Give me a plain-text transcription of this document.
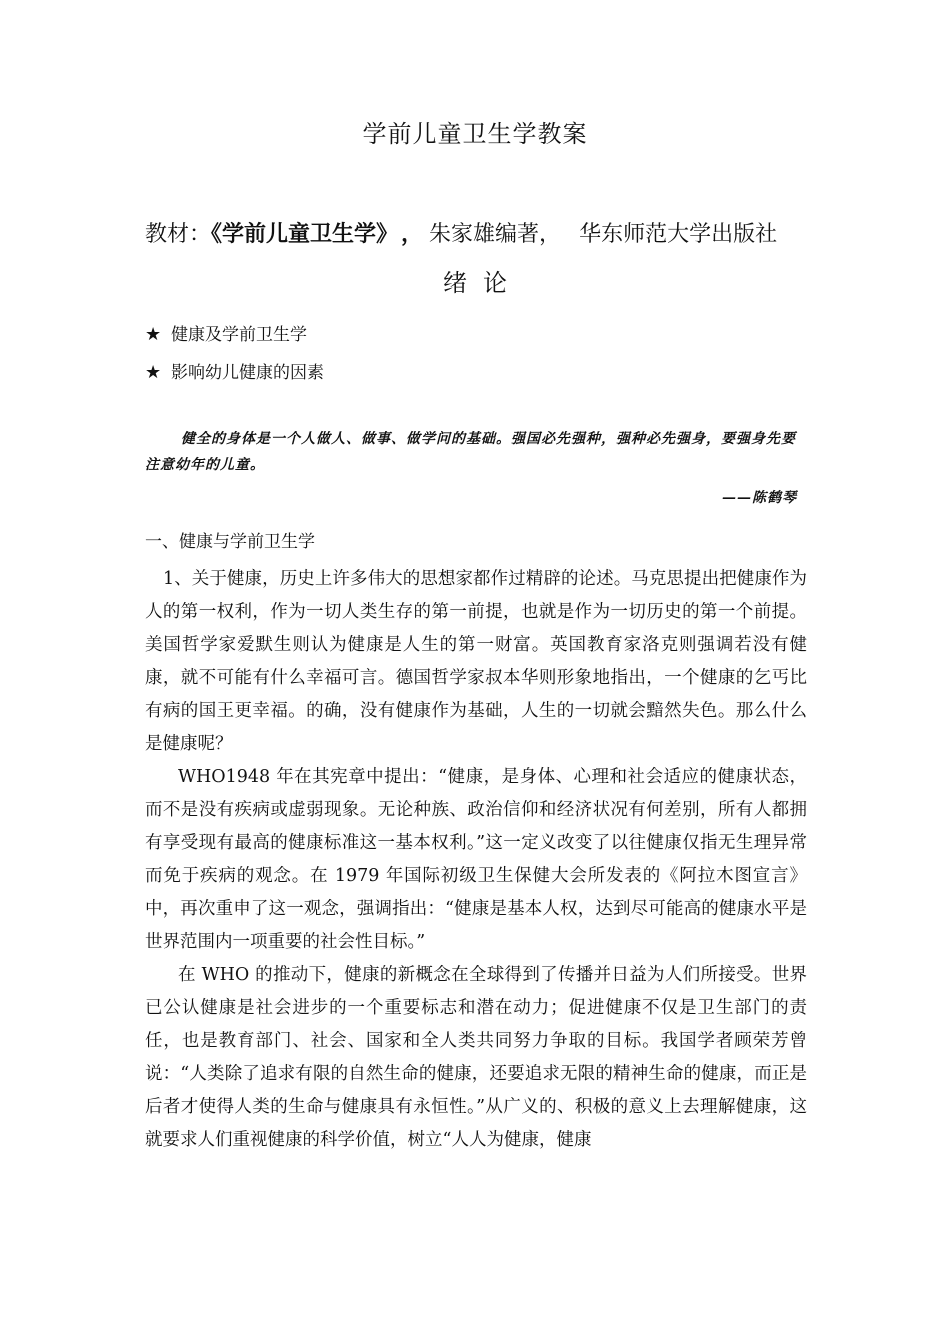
学前儿童卫生学教案
教材：《学前儿童卫生学》 ， 朱家雄编著， 华东师范大学出版社
绪论
★ 健康及学前卫生学
★ 影响幼儿健康的因素
健全的身体是一个人做人、做事、做学问的基础。强国必先强种，强种必先强身，要强身先要注意幼年的儿童。
——陈鹤琴
一、健康与学前卫生学

1、关于健康，历史上许多伟大的思想家都作过精辟的论述。马克思提出把健康作为人的第一权利，作为一切人类生存的第一前提，也就是作为一切历史的第一个前提。美国哲学家爱默生则认为健康是人生的第一财富。英国教育家洛克则强调若没有健康，就不可能有什么幸福可言。德国哲学家叔本华则形象地指出，一个健康的乞丐比有病的国王更幸福。的确，没有健康作为基础，人生的一切就会黯然失色。那么什么是健康呢？

WHO1948 年在其宪章中提出：“健康，是身体、心理和社会适应的健康状态，而不是没有疾病或虚弱现象。无论种族、政治信仰和经济状况有何差别，所有人都拥有享受现有最高的健康标准这一基本权利。”这一定义改变了以往健康仅指无生理异常而免于疾病的观念。在 1979 年国际初级卫生保健大会所发表的《阿拉木图宣言》中，再次重申了这一观念，强调指出：“健康是基本人权，达到尽可能高的健康水平是世界范围内一项重要的社会性目标。”

在 WHO 的推动下，健康的新概念在全球得到了传播并日益为人们所接受。世界已公认健康是社会进步的一个重要标志和潜在动力；促进健康不仅是卫生部门的责任，也是教育部门、社会、国家和全人类共同努力争取的目标。我国学者顾荣芳曾说：“人类除了追求有限的自然生命的健康，还要追求无限的精神生命的健康，而正是后者才使得人类的生命与健康具有永恒性。”从广义的、积极的意义上去理解健康，这就要求人们重视健康的科学价值，树立“人人为健康，健康
